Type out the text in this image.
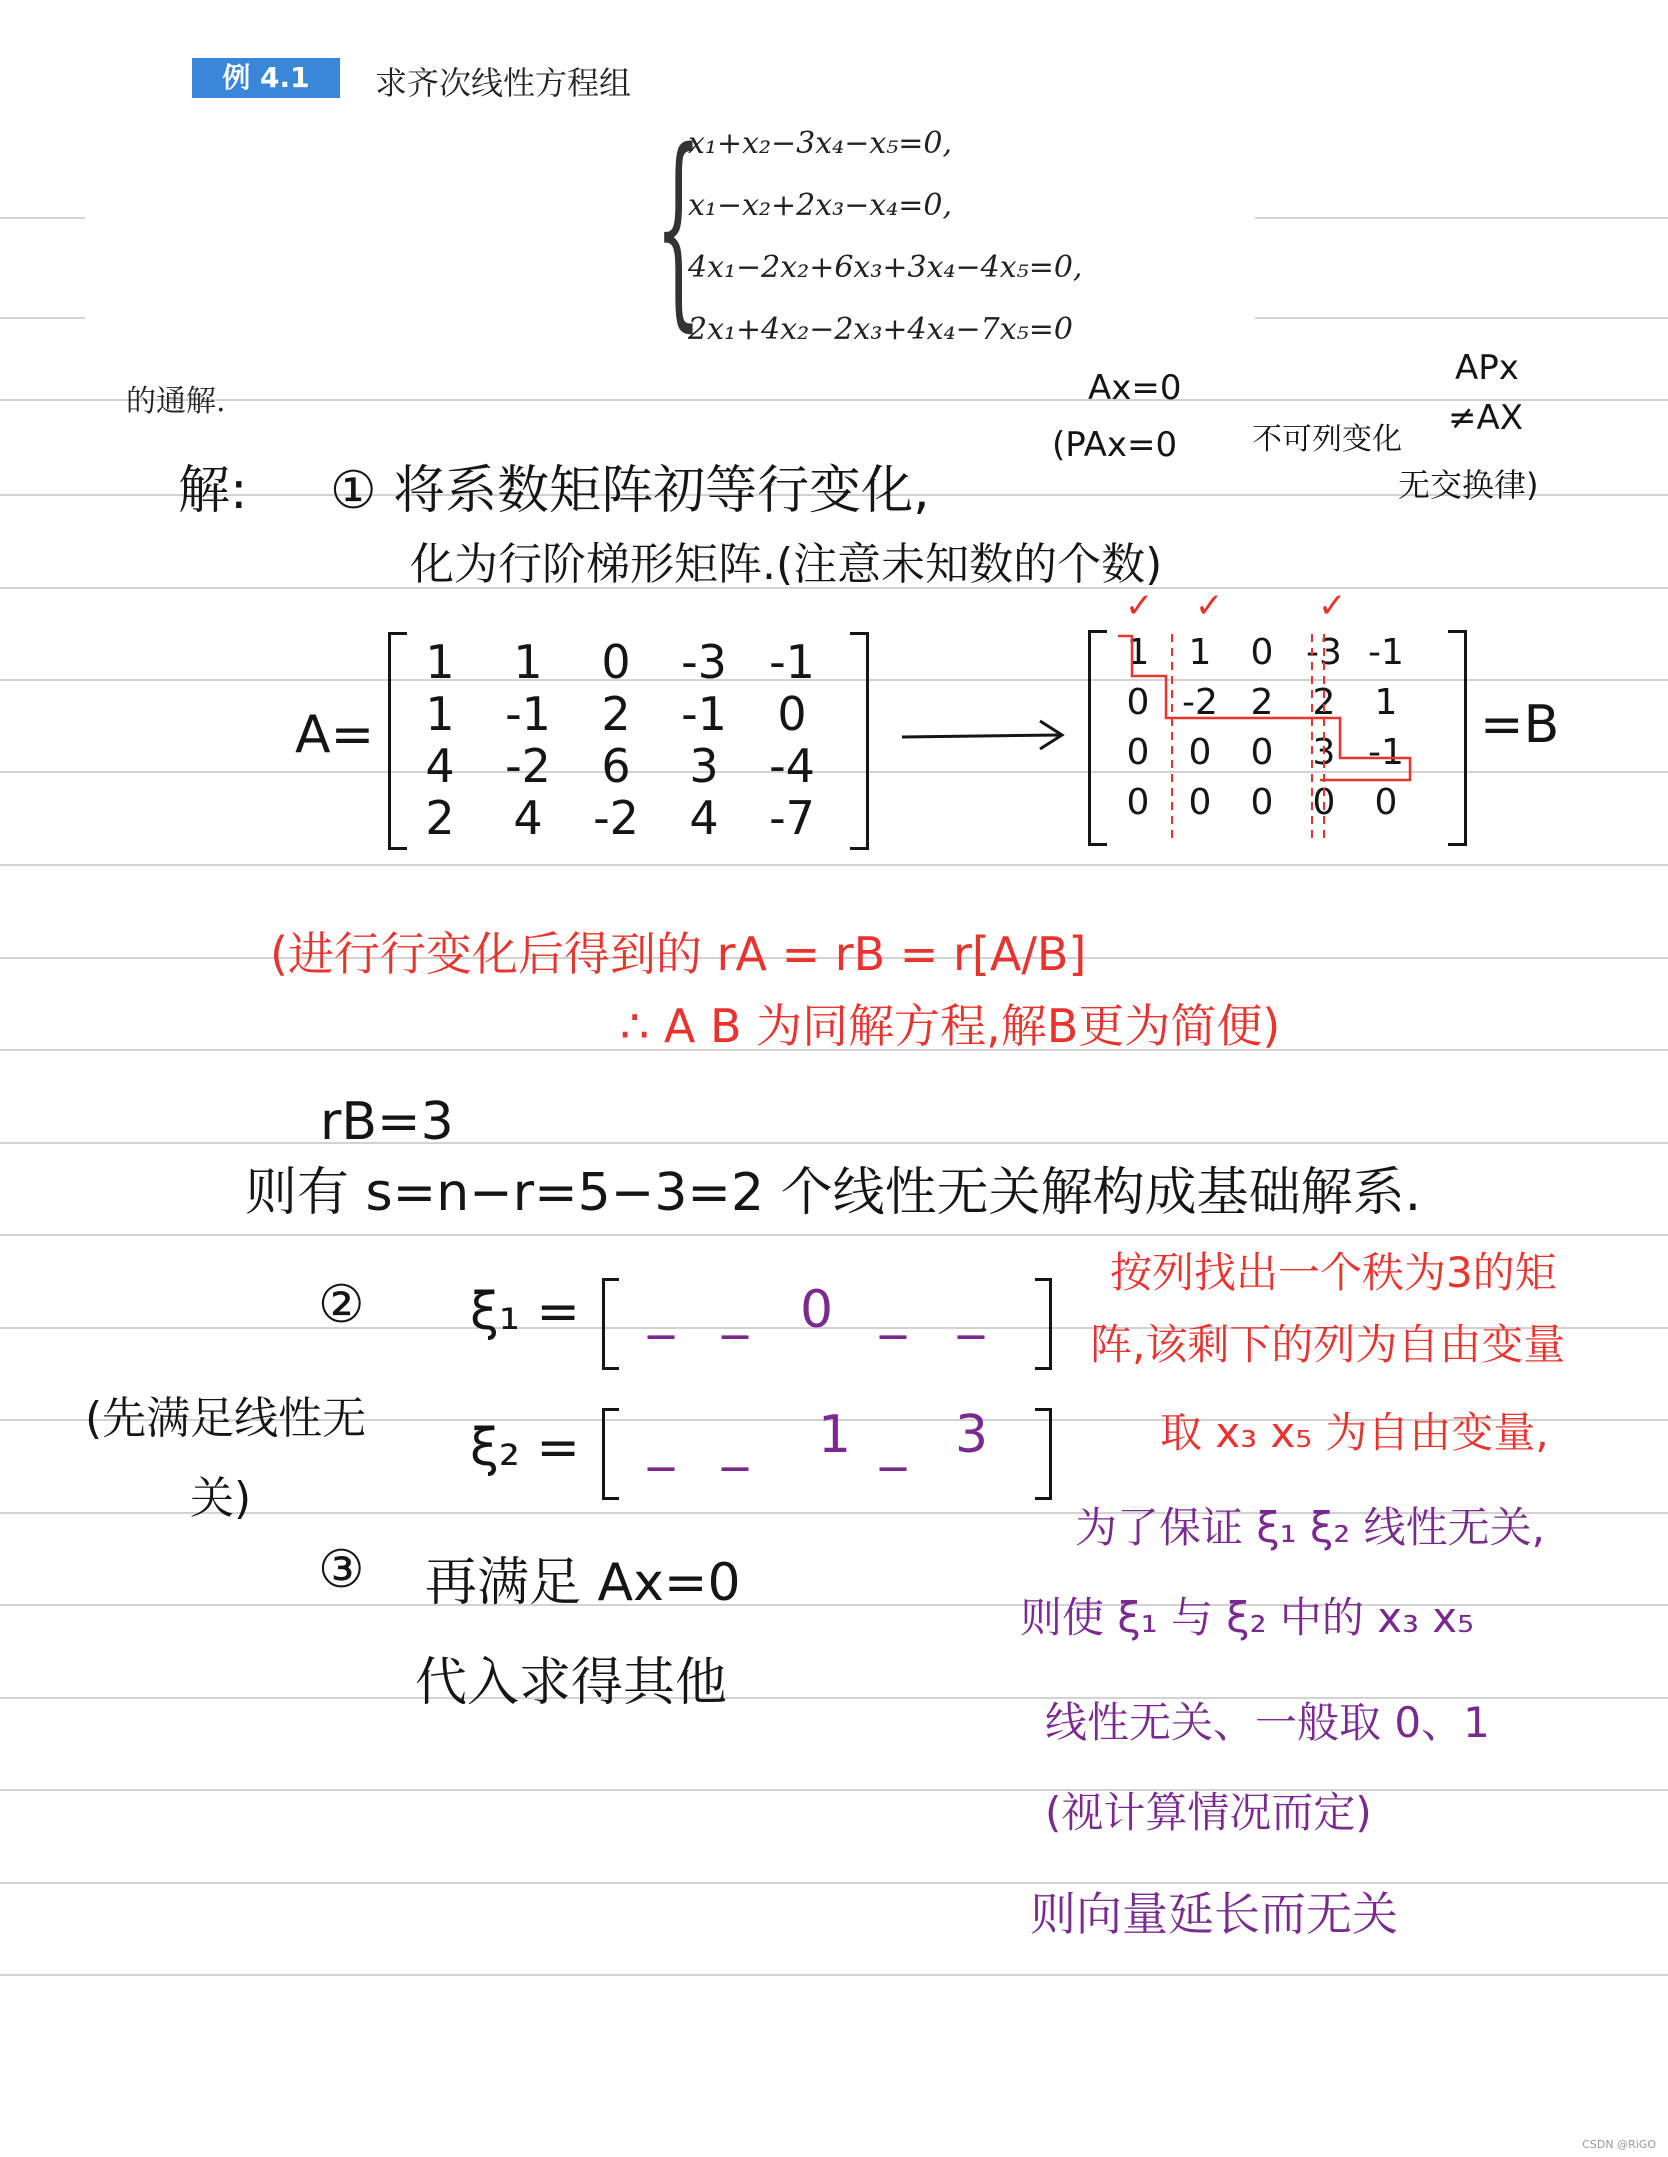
例 4.1	求齐次线性方程组
{
x₁+x₂−3x₄−x₅=0,
x₁−x₂+2x₃−x₄=0,
4x₁−2x₂+6x₃+3x₄−4x₅=0,
2x₁+4x₂−2x₃+4x₄−7x₅=0
的通解.	Ax=0
(PAx=0 不可列变化
APx
≠AX
无交换律)
解: ① 将系数矩阵初等行变化,
化为行阶梯形矩阵.(注意未知数的个数)
A=
1	1	0	-3 -1
1	-1	2	-1	0
4	-2	6	3	-4
2	4	-2	4	-7
✓ ✓	✓
1	1	0 -3 -1
0 -2 2	2	1
0	0	0	3 -1
0	0	0	0	0
=B
(进行行变化后得到的 rA = rB = r[A/B]
∴ A B 为同解方程,解B更为简便)
rB=3
则有 s=n−r=5−3=2 个线性无关解构成基础解系.
② ξ₁ = _ _ 0 _ _
ξ₂ = _ _ 1 _ 3
(先满足线性无
关)
③ 再满足 Ax=0
代入求得其他
按列找出一个秩为3的矩
阵,该剩下的列为自由变量
取 x₃ x₅ 为自由变量,
为了保证 ξ₁ ξ₂ 线性无关,
则使 ξ₁ 与 ξ₂ 中的 x₃ x₅
线性无关、一般取 0、1
(视计算情况而定)
则向量延长而无关
CSDN @RiGO
